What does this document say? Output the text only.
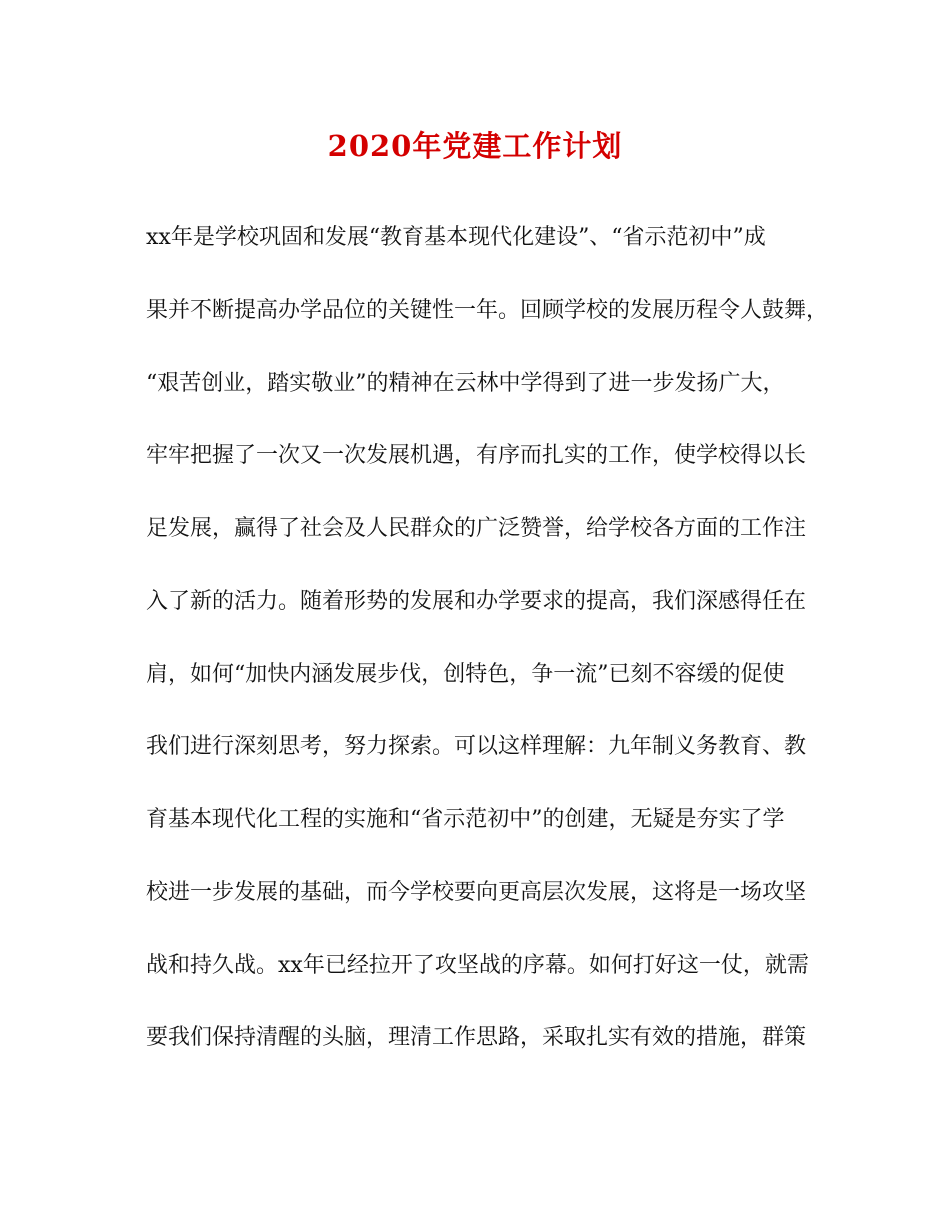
2020年党建工作计划
xx年是学校巩固和发展“教育基本现代化建设”、“省示范初中”成
果并不断提高办学品位的关键性一年。回顾学校的发展历程令人鼓舞，
“艰苦创业，踏实敬业”的精神在云林中学得到了进一步发扬广大，
牢牢把握了一次又一次发展机遇，有序而扎实的工作，使学校得以长
足发展，赢得了社会及人民群众的广泛赞誉，给学校各方面的工作注
入了新的活力。随着形势的发展和办学要求的提高，我们深感得任在
肩，如何“加快内涵发展步伐，创特色，争一流”已刻不容缓的促使
我们进行深刻思考，努力探索。可以这样理解：九年制义务教育、教
育基本现代化工程的实施和“省示范初中”的创建，无疑是夯实了学
校进一步发展的基础，而今学校要向更高层次发展，这将是一场攻坚
战和持久战。xx年已经拉开了攻坚战的序幕。如何打好这一仗，就需
要我们保持清醒的头脑，理清工作思路，采取扎实有效的措施，群策
